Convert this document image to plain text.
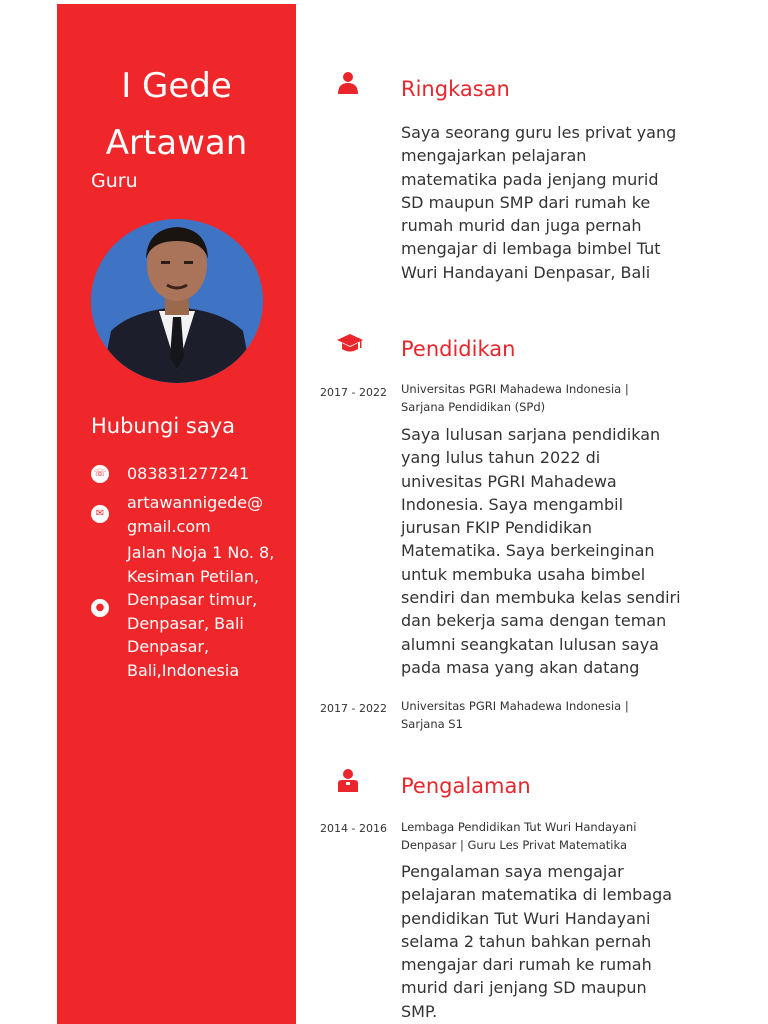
I Gede
Artawan
Guru
Hubungi saya
☏ 083831277241
✉
artawannigede@gmail.com
●
Jalan Noja 1 No. 8, Kesiman Petilan, Denpasar timur, Denpasar, Bali Denpasar, Bali,Indonesia
Ringkasan
Saya seorang guru les privat yang mengajarkan pelajaran matematika pada jenjang murid SD maupun SMP dari rumah ke rumah murid dan juga pernah mengajar di lembaga bimbel Tut Wuri Handayani Denpasar, Bali
Pendidikan
2017 - 2022 Universitas PGRI Mahadewa Indonesia | Sarjana Pendidikan (SPd)
Saya lulusan sarjana pendidikan yang lulus tahun 2022 di univesitas PGRI Mahadewa Indonesia. Saya mengambil jurusan FKIP Pendidikan Matematika. Saya berkeinginan untuk membuka usaha bimbel sendiri dan membuka kelas sendiri dan bekerja sama dengan teman alumni seangkatan lulusan saya pada masa yang akan datang
2017 - 2022 Universitas PGRI Mahadewa Indonesia | Sarjana S1
Pengalaman
2014 - 2016 Lembaga Pendidikan Tut Wuri Handayani Denpasar | Guru Les Privat Matematika
Pengalaman saya mengajar pelajaran matematika di lembaga pendidikan Tut Wuri Handayani selama 2 tahun bahkan pernah mengajar dari rumah ke rumah murid dari jenjang SD maupun SMP.
